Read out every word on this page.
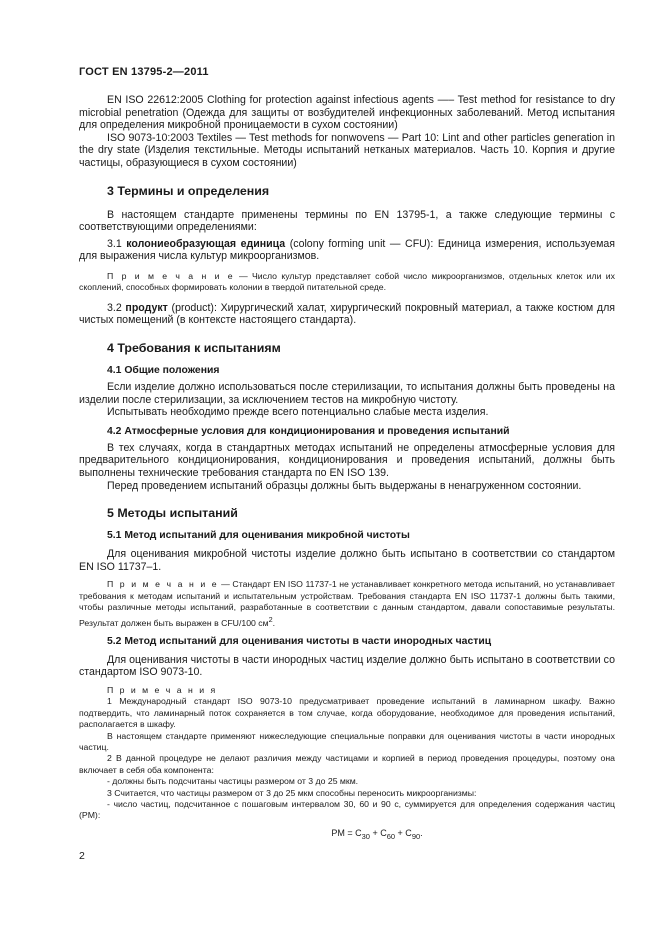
ГОСТ EN 13795-2—2011

EN ISO 22612:2005 Clothing for protection against infectious agents —– Test method for resistance to dry microbial penetration (Одежда для защиты от возбудителей инфекционных заболеваний. Метод испытания для определения микробной проницаемости в сухом состоянии)

ISO 9073-10:2003 Textiles — Test methods for nonwovens — Part 10: Lint and other particles generation in the dry state (Изделия текстильные. Методы испытаний нетканых материалов. Часть 10. Корпия и другие частицы, образующиеся в сухом состоянии)

3 Термины и определения

В настоящем стандарте применены термины по EN 13795-1, а также следующие термины с соответствующими определениями:

3.1 колониеобразующая единица (colony forming unit — CFU): Единица измерения, используемая для выражения числа культур микроорганизмов.

П р и м е ч а н и е — Число культур представляет собой число микроорганизмов, отдельных клеток или их скоплений, способных формировать колонии в твердой питательной среде.

3.2 продукт (product): Хирургический халат, хирургический покровный материал, а также костюм для чистых помещений (в контексте настоящего стандарта).

4 Требования к испытаниям
4.1 Общие положения

Если изделие должно использоваться после стерилизации, то испытания должны быть проведены на изделии после стерилизации, за исключением тестов на микробную чистоту.

Испытывать необходимо прежде всего потенциально слабые места изделия.

4.2 Атмосферные условия для кондиционирования и проведения испытаний

В тех случаях, когда в стандартных методах испытаний не определены атмосферные условия для предварительного кондиционирования, кондиционирования и проведения испытаний, должны быть выполнены технические требования стандарта по EN ISO 139.

Перед проведением испытаний образцы должны быть выдержаны в ненагруженном состоянии.

5 Методы испытаний
5.1 Метод испытаний для оценивания микробной чистоты

Для оценивания микробной чистоты изделие должно быть испытано в соответствии со стандартом EN ISO 11737–1.

П р и м е ч а н и е — Стандарт EN ISO 11737-1 не устанавливает конкретного метода испытаний, но устанавливает требования к методам испытаний и испытательным устройствам. Требования стандарта EN ISO 11737-1 должны быть такими, чтобы различные методы испытаний, разработанные в соответствии с данным стандартом, давали сопоставимые результаты. Результат должен быть выражен в CFU/100 $см^2$.

5.2 Метод испытаний для оценивания чистоты в части инородных частиц

Для оценивания чистоты в части инородных частиц изделие должно быть испытано в соответствии со стандартом ISO 9073-10.

П р и м е ч а н и я

1 Международный стандарт ISO 9073-10 предусматривает проведение испытаний в ламинарном шкафу. Важно подтвердить, что ламинарный поток сохраняется в том случае, когда оборудование, необходимое для проведения испытаний, располагается в шкафу.

В настоящем стандарте применяют нижеследующие специальные поправки для оценивания чистоты в части инородных частиц.

2 В данной процедуре не делают различия между частицами и корпией в период проведения процедуры, поэтому она включает в себя оба компонента:

- должны быть подсчитаны частицы размером от 3 до 25 мкм.

3 Считается, что частицы размером от 3 до 25 мкм способны переносить микроорганизмы:

- число частиц, подсчитанное с пошаговым интервалом 30, 60 и 90 с, суммируется для определения содержания частиц (PM):

PM = $C_{30} + C_{60} + C_{90}$.
2
